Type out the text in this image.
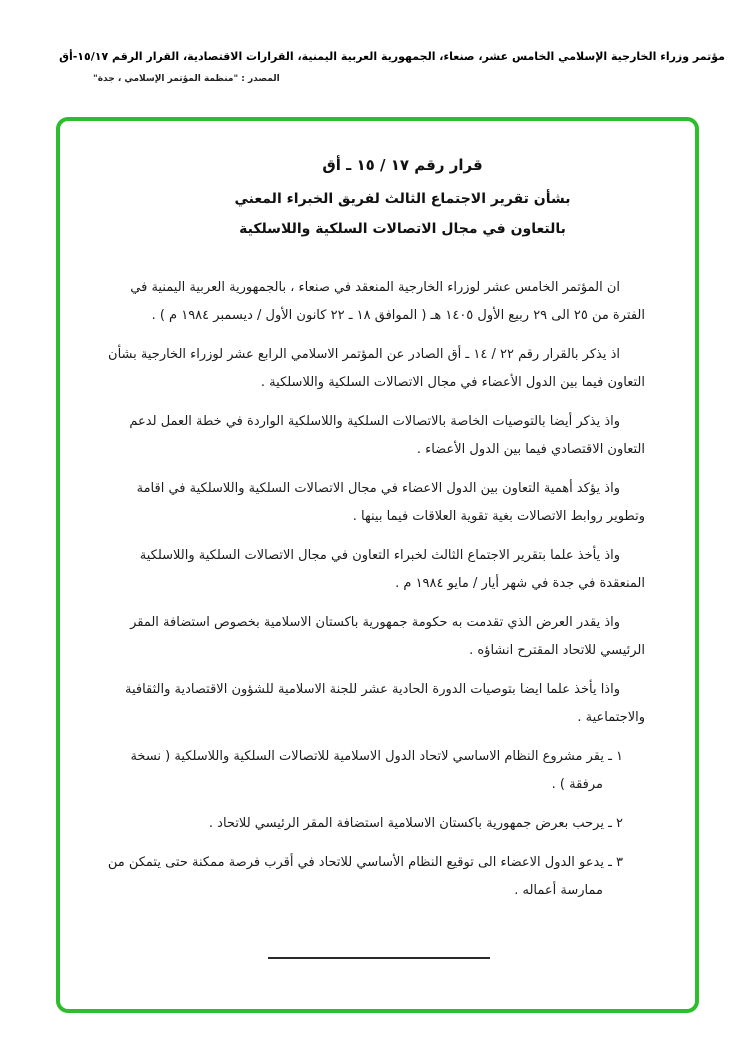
مؤتمر وزراء الخارجية الإسلامي الخامس عشر، صنعاء، الجمهورية العربية اليمنية، القرارات الاقتصادية، القرار الرقم ١٥/١٧-أق
المصدر : "منظمة المؤتمر الإسلامي ، جدة"
قرار رقم ١٧ / ١٥ ـ أق
بشأن تقرير الاجتماع الثالث لفريق الخبراء المعني
بالتعاون في مجال الاتصالات السلكية واللاسلكية
ان المؤتمر الخامس عشر لوزراء الخارجية المنعقد في صنعاء ، بالجمهورية العربية اليمنية في الفترة من ٢٥ الى ٢٩ ربيع الأول ١٤٠٥ هـ ( الموافق ١٨ ـ ٢٢ كانون الأول / ديسمبر ١٩٨٤ م ) .
اذ يذكر بالقرار رقم ٢٢ / ١٤ ـ أق الصادر عن المؤتمر الاسلامي الرابع عشر لوزراء الخارجية بشأن التعاون فيما بين الدول الأعضاء في مجال الاتصالات السلكية واللاسلكية .
واذ يذكر أيضا بالتوصيات الخاصة بالاتصالات السلكية واللاسلكية الواردة في خطة العمل لدعم التعاون الاقتصادي فيما بين الدول الأعضاء .
واذ يؤكد أهمية التعاون بين الدول الاعضاء في مجال الاتصالات السلكية واللاسلكية في اقامة وتطوير روابط الاتصالات بغية تقوية العلاقات فيما بينها .
واذ يأخذ علما بتقرير الاجتماع الثالث لخبراء التعاون في مجال الاتصالات السلكية واللاسلكية المنعقدة في جدة في شهر أيار / مايو ١٩٨٤ م .
واذ يقدر العرض الذي تقدمت به حكومة جمهورية باكستان الاسلامية بخصوص استضافة المقر الرئيسي للاتحاد المقترح انشاؤه .
واذا يأخذ علما ايضا بتوصيات الدورة الحادية عشر للجنة الاسلامية للشؤون الاقتصادية والثقافية والاجتماعية .
١ ـ يقر مشروع النظام الاساسي لاتحاد الدول الاسلامية للاتصالات السلكية واللاسلكية ( نسخة مرفقة ) .
٢ ـ يرحب بعرض جمهورية باكستان الاسلامية استضافة المقر الرئيسي للاتحاد .
٣ ـ يدعو الدول الاعضاء الى توقيع النظام الأساسي للاتحاد في أقرب فرصة ممكنة حتى يتمكن من ممارسة أعماله .
